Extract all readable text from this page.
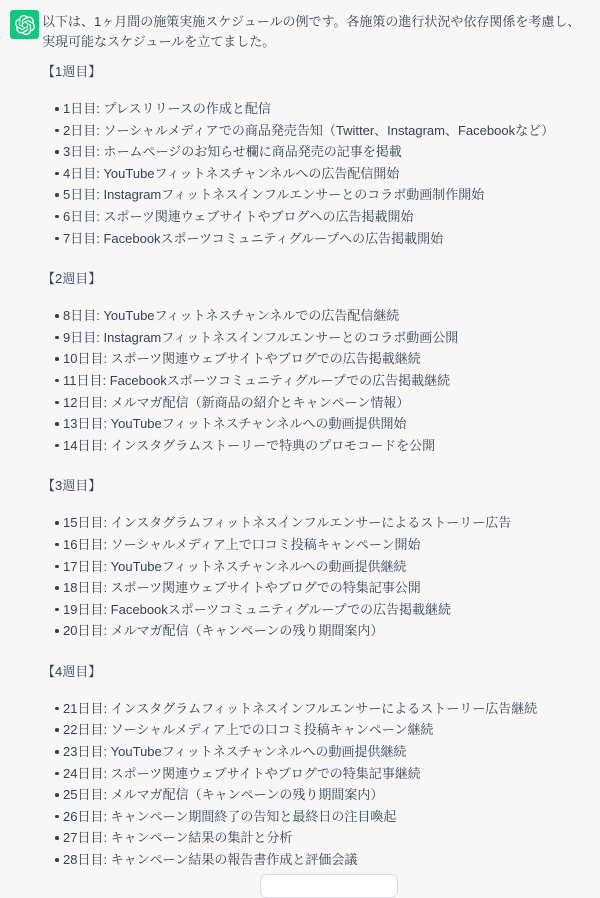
以下は、1ヶ月間の施策実施スケジュールの例です。各施策の進行状況や依存関係を考慮し、実現可能なスケジュールを立てました。

【1週目】

1日目: プレスリリースの作成と配信
2日目: ソーシャルメディアでの商品発売告知（Twitter、Instagram、Facebookなど）
3日目: ホームページのお知らせ欄に商品発売の記事を掲載
4日目: YouTubeフィットネスチャンネルへの広告配信開始
5日目: Instagramフィットネスインフルエンサーとのコラボ動画制作開始
6日目: スポーツ関連ウェブサイトやブログへの広告掲載開始
7日目: Facebookスポーツコミュニティグループへの広告掲載開始

【2週目】

8日目: YouTubeフィットネスチャンネルでの広告配信継続
9日目: Instagramフィットネスインフルエンサーとのコラボ動画公開
10日目: スポーツ関連ウェブサイトやブログでの広告掲載継続
11日目: Facebookスポーツコミュニティグループでの広告掲載継続
12日目: メルマガ配信（新商品の紹介とキャンペーン情報）
13日目: YouTubeフィットネスチャンネルへの動画提供開始
14日目: インスタグラムストーリーで特典のプロモコードを公開

【3週目】

15日目: インスタグラムフィットネスインフルエンサーによるストーリー広告
16日目: ソーシャルメディア上で口コミ投稿キャンペーン開始
17日目: YouTubeフィットネスチャンネルへの動画提供継続
18日目: スポーツ関連ウェブサイトやブログでの特集記事公開
19日目: Facebookスポーツコミュニティグループでの広告掲載継続
20日目: メルマガ配信（キャンペーンの残り期間案内）

【4週目】

21日目: インスタグラムフィットネスインフルエンサーによるストーリー広告継続
22日目: ソーシャルメディア上での口コミ投稿キャンペーン継続
23日目: YouTubeフィットネスチャンネルへの動画提供継続
24日目: スポーツ関連ウェブサイトやブログでの特集記事継続
25日目: メルマガ配信（キャンペーンの残り期間案内）
26日目: キャンペーン期間終了の告知と最終日の注目喚起
27日目: キャンペーン結果の集計と分析
28日目: キャンペーン結果の報告書作成と評価会議
